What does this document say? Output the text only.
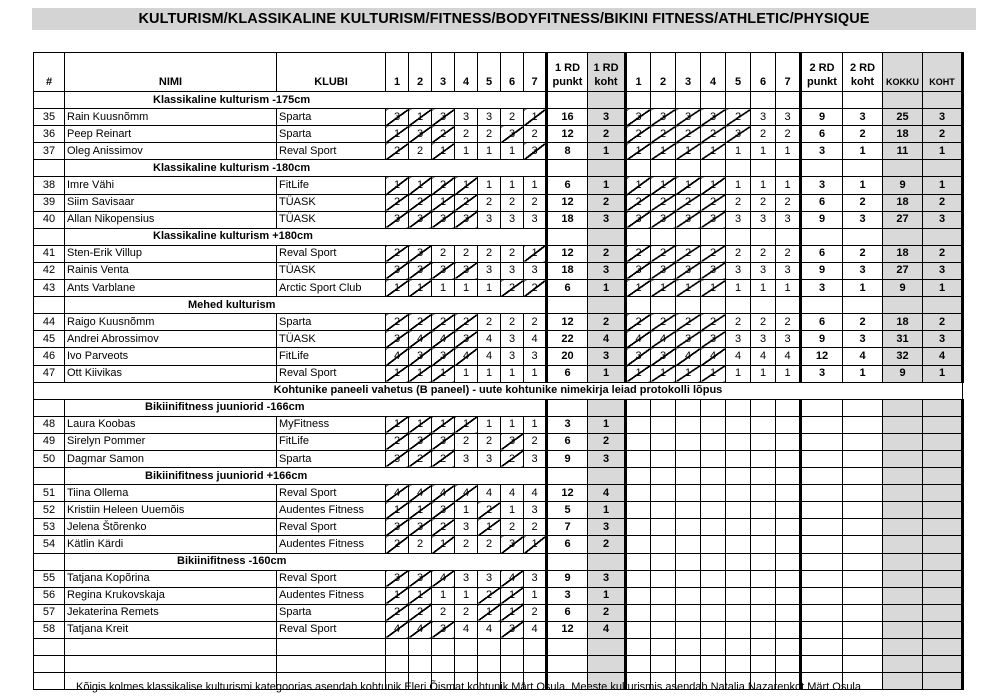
KULTURISM/KLASSIKALINE KULTURISM/FITNESS/BODYFITNESS/BIKINI FITNESS/ATHLETIC/PHYSIQUE
#	NIMI	KLUBI	1	2	3	4	5	6	7	1 RD punkt	1 RD koht	1	2	3	4	5	6	7	2 RD punkt	2 RD koht	KOKKU	KOHT
	Klassikaline kulturism -175cm																					
35	Rain Kuusnõmm	Sparta	3	1	3	3	3	2	1	16	3	3	3	3	3	2	3	3	9	3	25	3
36	Peep Reinart	Sparta	1	3	2	2	2	3	2	12	2	2	2	2	2	3	2	2	6	2	18	2
37	Oleg Anissimov	Reval Sport	2	2	1	1	1	1	3	8	1	1	1	1	1	1	1	1	3	1	11	1
	Klassikaline kulturism -180cm																					
38	Imre Vähi	FitLife	1	1	2	1	1	1	1	6	1	1	1	1	1	1	1	1	3	1	9	1
39	Siim Savisaar	TÜASK	2	2	1	2	2	2	2	12	2	2	2	2	2	2	2	2	6	2	18	2
40	Allan Nikopensius	TÜASK	3	3	3	3	3	3	3	18	3	3	3	3	3	3	3	3	9	3	27	3
	Klassikaline kulturism +180cm																					
41	Sten-Erik Villup	Reval Sport	2	3	2	2	2	2	1	12	2	2	2	2	2	2	2	2	6	2	18	2
42	Rainis Venta	TÜASK	3	3	3	3	3	3	3	18	3	3	3	3	3	3	3	3	9	3	27	3
43	Ants Varblane	Arctic Sport Club	1	1	1	1	1	2	2	6	1	1	1	1	1	1	1	1	3	1	9	1
	Mehed kulturism																					
44	Raigo Kuusnõmm	Sparta	2	2	2	2	2	2	2	12	2	2	2	2	2	2	2	2	6	2	18	2
45	Andrei Abrossimov	TÜASK	3	4	4	3	4	3	4	22	4	4	4	3	3	3	3	3	9	3	31	3
46	Ivo Parveots	FitLife	4	3	3	4	4	3	3	20	3	3	3	4	4	4	4	4	12	4	32	4
47	Ott Kiivikas	Reval Sport	1	1	1	1	1	1	1	6	1	1	1	1	1	1	1	1	3	1	9	1
Kohtunike paneeli vahetus (B paneel) - uute kohtunike nimekirja leiad protokolli lõpus																						
	Bikiinifitness juuniorid -166cm																					
48	Laura Koobas	MyFitness	1	1	1	1	1	1	1	3	1											
49	Sirelyn Pommer	FitLife	2	3	3	2	2	3	2	6	2											
50	Dagmar Samon	Sparta	3	2	2	3	3	2	3	9	3											
	Bikiinifitness juuniorid +166cm																					
51	Tiina Ollema	Reval Sport	4	4	4	4	4	4	4	12	4											
52	Kristiin Heleen Uuemõis	Audentes Fitness	1	1	3	1	2	1	3	5	1											
53	Jelena Štõrenko	Reval Sport	3	3	2	3	1	2	2	7	3											
54	Kätlin Kärdi	Audentes Fitness	2	2	1	2	2	3	1	6	2											
	Bikiinifitness -160cm																					
55	Tatjana Kopõrina	Reval Sport	3	3	4	3	3	4	3	9	3											
56	Regina Krukovskaja	Audentes Fitness	1	1	1	1	2	1	1	3	1											
57	Jekaterina Remets	Sparta	2	2	2	2	1	1	2	6	2											
58	Tatjana Kreit	Reval Sport	4	4	3	4	4	3	4	12	4											

Kõigis kolmes klassikalise kulturismi kategoorias asendab kohtunik Eleri Õismat kohtunik Märt Osula. Meeste kulturismis asendab Natalia Nazarenkot Märt Osula
